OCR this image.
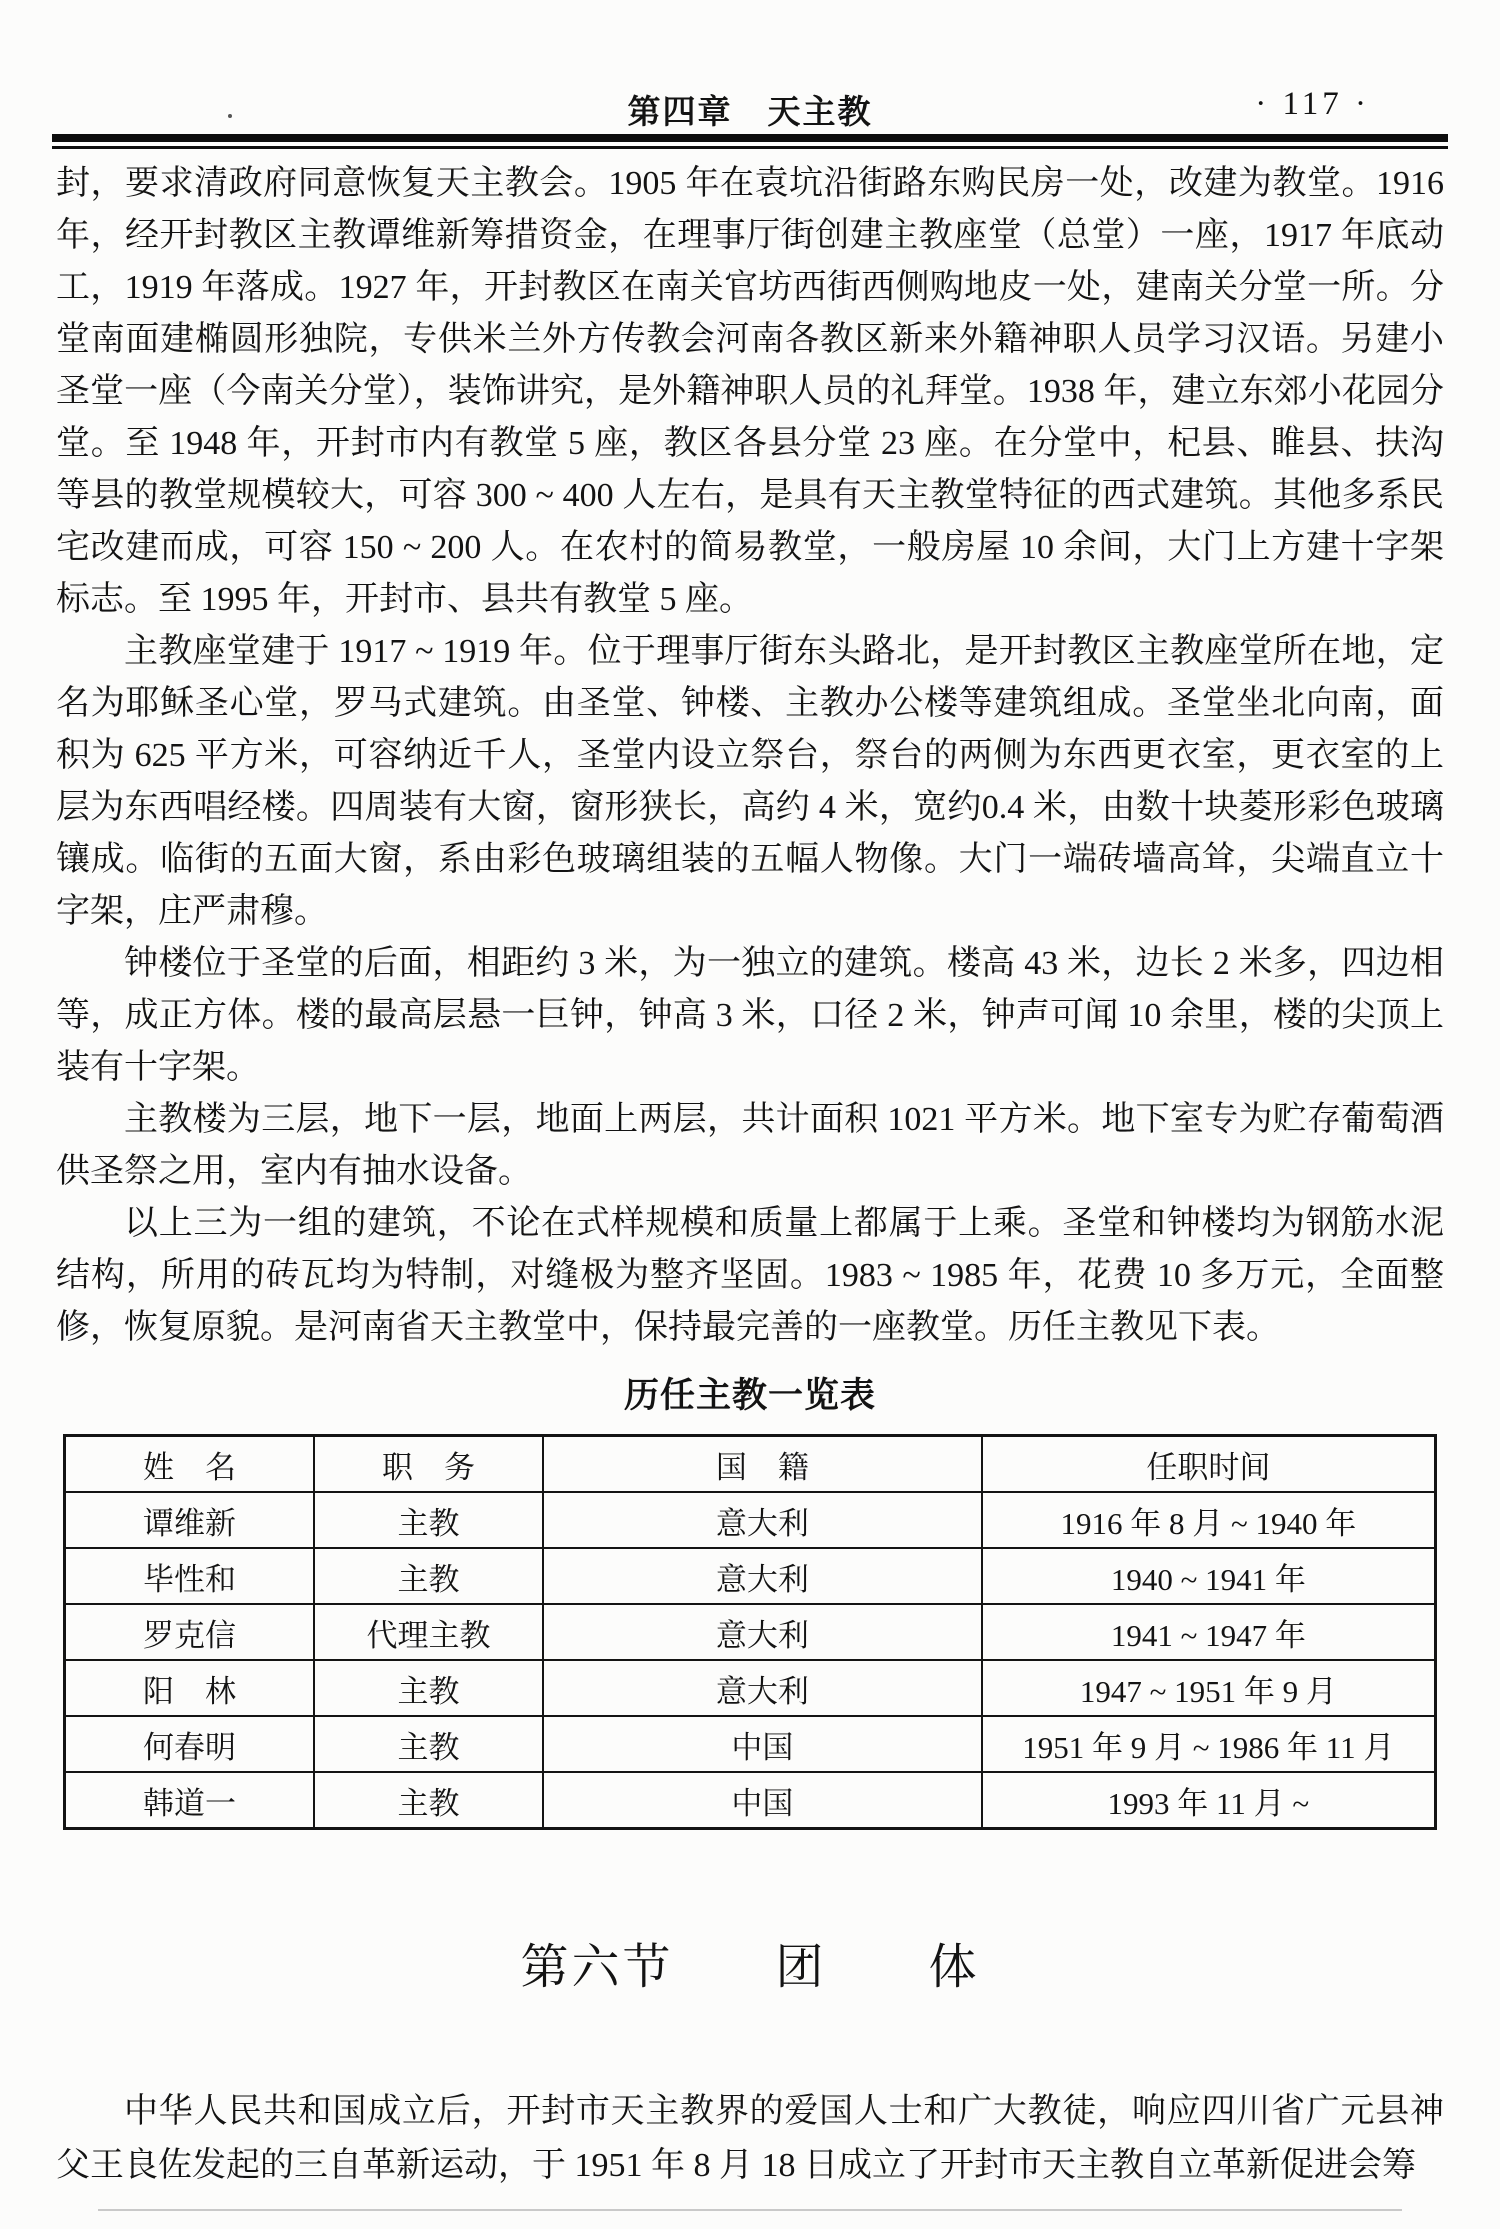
第四章　天主教	· 117 ·

封，要求清政府同意恢复天主教会。1905 年在袁坑沿街路东购民房一处，改建为教堂。1916 年，经开封教区主教谭维新筹措资金，在理事厅街创建主教座堂（总堂）一座，1917 年底动工，1919 年落成。1927 年，开封教区在南关官坊西街西侧购地皮一处，建南关分堂一所。分堂南面建椭圆形独院，专供米兰外方传教会河南各教区新来外籍神职人员学习汉语。另建小圣堂一座（今南关分堂），装饰讲究，是外籍神职人员的礼拜堂。1938 年，建立东郊小花园分堂。至 1948 年，开封市内有教堂 5 座，教区各县分堂 23 座。在分堂中，杞县、睢县、扶沟等县的教堂规模较大，可容 300 ~ 400 人左右，是具有天主教堂特征的西式建筑。其他多系民宅改建而成，可容 150 ~ 200 人。在农村的简易教堂，一般房屋 10 余间，大门上方建十字架标志。至 1995 年，开封市、县共有教堂 5 座。

主教座堂建于 1917 ~ 1919 年。位于理事厅街东头路北，是开封教区主教座堂所在地，定名为耶稣圣心堂，罗马式建筑。由圣堂、钟楼、主教办公楼等建筑组成。圣堂坐北向南，面积为 625 平方米，可容纳近千人，圣堂内设立祭台，祭台的两侧为东西更衣室，更衣室的上层为东西唱经楼。四周装有大窗，窗形狭长，高约 4 米，宽约0.4 米，由数十块菱形彩色玻璃镶成。临街的五面大窗，系由彩色玻璃组装的五幅人物像。大门一端砖墙高耸，尖端直立十字架，庄严肃穆。

钟楼位于圣堂的后面，相距约 3 米，为一独立的建筑。楼高 43 米，边长 2 米多，四边相等，成正方体。楼的最高层悬一巨钟，钟高 3 米，口径 2 米，钟声可闻 10 余里，楼的尖顶上装有十字架。

主教楼为三层，地下一层，地面上两层，共计面积 1021 平方米。地下室专为贮存葡萄酒供圣祭之用，室内有抽水设备。

以上三为一组的建筑，不论在式样规模和质量上都属于上乘。圣堂和钟楼均为钢筋水泥结构，所用的砖瓦均为特制，对缝极为整齐坚固。1983 ~ 1985 年，花费 10 多万元，全面整修，恢复原貌。是河南省天主教堂中，保持最完善的一座教堂。历任主教见下表。

历任主教一览表
姓　名	职　务	国　籍	任职时间
谭维新	主教	意大利	1916 年 8 月 ~ 1940 年
毕性和	主教	意大利	1940 ~ 1941 年
罗克信	代理主教	意大利	1941 ~ 1947 年
阳　林	主教	意大利	1947 ~ 1951 年 9 月
何春明	主教	中国	1951 年 9 月 ~ 1986 年 11 月
韩道一	主教	中国	1993 年 11 月 ~
第六节　　团　　体

中华人民共和国成立后，开封市天主教界的爱国人士和广大教徒，响应四川省广元县神父王良佐发起的三自革新运动，于 1951 年 8 月 18 日成立了开封市天主教自立革新促进会筹
